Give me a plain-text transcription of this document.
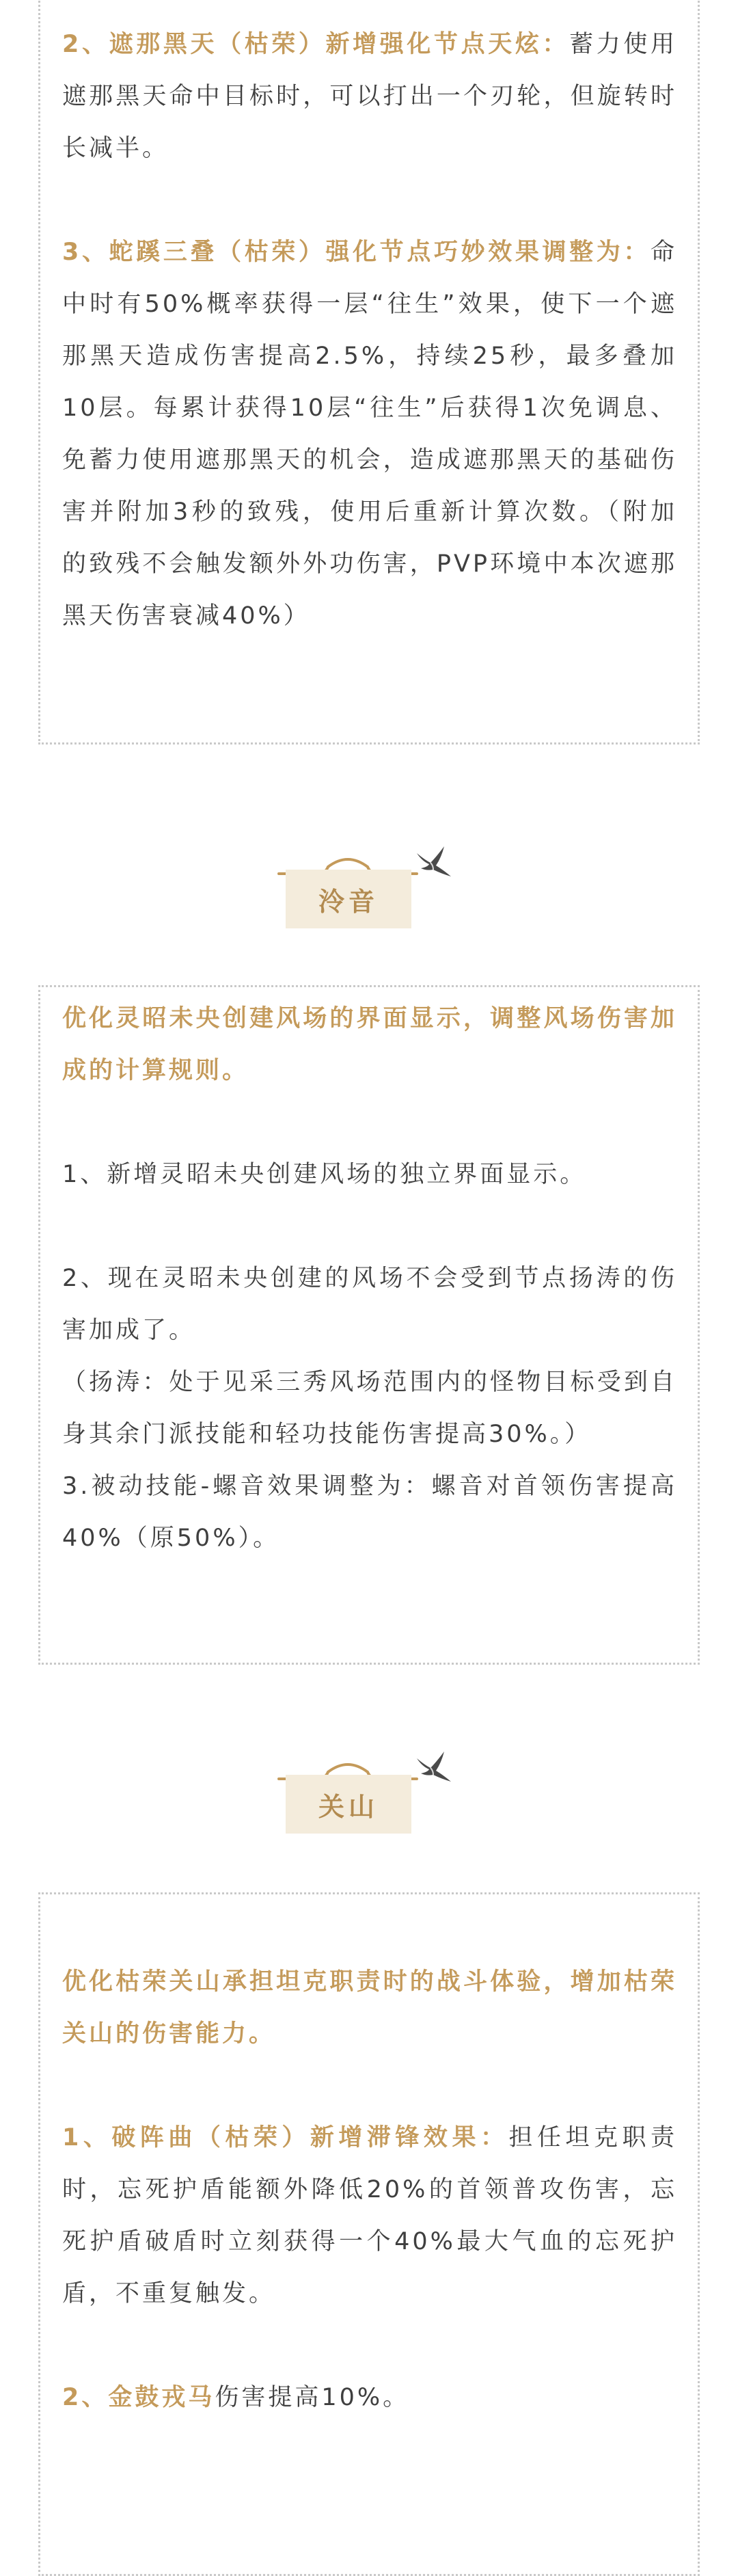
2、遮那黑天（枯荣）新增强化节点天炫：蓄力使用遮那黑天命中目标时，可以打出一个刃轮，但旋转时长减半。

3、蛇蹊三叠（枯荣）强化节点巧妙效果调整为：命中时有50%概率获得一层“往生”效果，使下一个遮那黑天造成伤害提高2.5%，持续25秒，最多叠加10层。每累计获得10层“往生”后获得1次免调息、免蓄力使用遮那黑天的机会，造成遮那黑天的基础伤害并附加3秒的致残，使用后重新计算次数。（附加的致残不会触发额外外功伤害，PVP环境中本次遮那黑天伤害衰减40%）

泠音

优化灵昭未央创建风场的界面显示，调整风场伤害加成的计算规则。

1、新增灵昭未央创建风场的独立界面显示。

2、现在灵昭未央创建的风场不会受到节点扬涛的伤害加成了。

（扬涛：处于见采三秀风场范围内的怪物目标受到自身其余门派技能和轻功技能伤害提高30%。）

3.被动技能-螺音效果调整为：螺音对首领伤害提高40%（原50%）。

关山

优化枯荣关山承担坦克职责时的战斗体验，增加枯荣关山的伤害能力。

1、破阵曲（枯荣）新增滞锋效果：担任坦克职责时，忘死护盾能额外降低20%的首领普攻伤害，忘死护盾破盾时立刻获得一个40%最大气血的忘死护盾，不重复触发。

2、金鼓戎马伤害提高10%。
